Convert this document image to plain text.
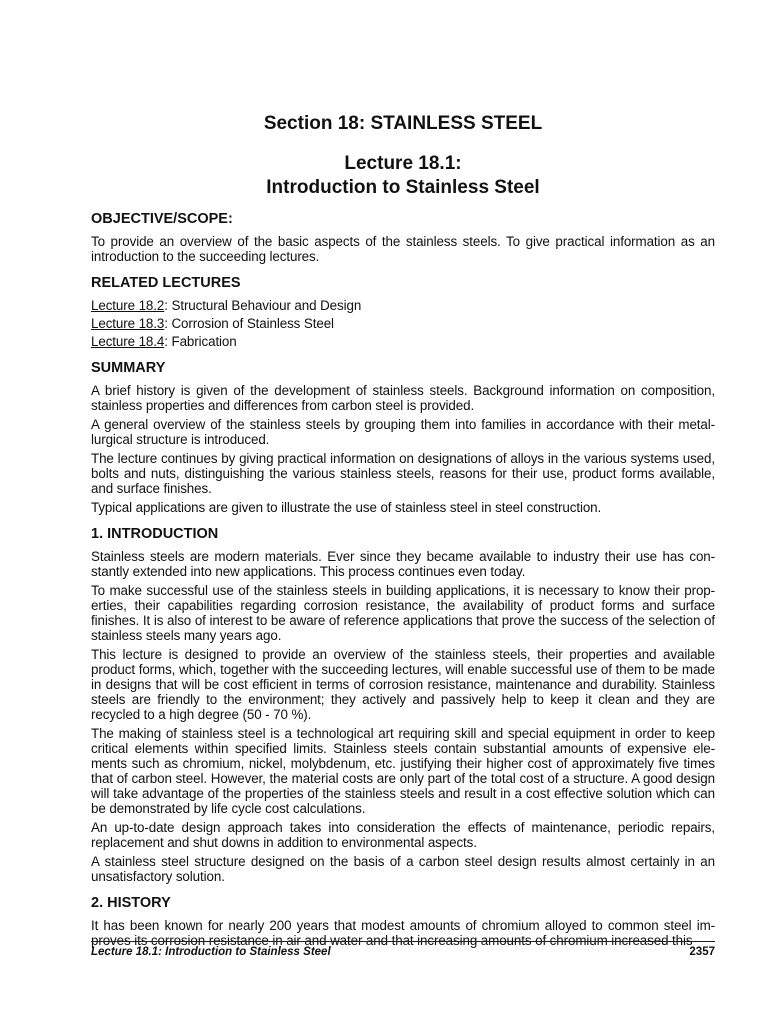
Section 18: STAINLESS STEEL
Lecture 18.1:
Introduction to Stainless Steel
OBJECTIVE/SCOPE:

To provide an overview of the basic aspects of the stainless steels. To give practical information as an introduction to the succeeding lectures.

RELATED LECTURES

Lecture 18.2: Structural Behaviour and Design

Lecture 18.3: Corrosion of Stainless Steel

Lecture 18.4: Fabrication

SUMMARY

A brief history is given of the development of stainless steels. Background information on composition, stainless properties and differences from carbon steel is provided.

A general overview of the stainless steels by grouping them into families in accordance with their metal-lurgical structure is introduced.

The lecture continues by giving practical information on designations of alloys in the various systems used, bolts and nuts, distinguishing the various stainless steels, reasons for their use, product forms available, and surface finishes.

Typical applications are given to illustrate the use of stainless steel in steel construction.

1. INTRODUCTION

Stainless steels are modern materials. Ever since they became available to industry their use has con-stantly extended into new applications. This process continues even today.

To make successful use of the stainless steels in building applications, it is necessary to know their prop-erties, their capabilities regarding corrosion resistance, the availability of product forms and surface finishes. It is also of interest to be aware of reference applications that prove the success of the selection of stainless steels many years ago.

This lecture is designed to provide an overview of the stainless steels, their properties and available product forms, which, together with the succeeding lectures, will enable successful use of them to be made in designs that will be cost efficient in terms of corrosion resistance, maintenance and durability. Stainless steels are friendly to the environment; they actively and passively help to keep it clean and they are recycled to a high degree (50 - 70 %).

The making of stainless steel is a technological art requiring skill and special equipment in order to keep critical elements within specified limits. Stainless steels contain substantial amounts of expensive ele-ments such as chromium, nickel, molybdenum, etc. justifying their higher cost of approximately five times that of carbon steel. However, the material costs are only part of the total cost of a structure. A good design will take advantage of the properties of the stainless steels and result in a cost effective solution which can be demonstrated by life cycle cost calculations.

An up-to-date design approach takes into consideration the effects of maintenance, periodic repairs, replacement and shut downs in addition to environmental aspects.

A stainless steel structure designed on the basis of a carbon steel design results almost certainly in an unsatisfactory solution.

2. HISTORY

It has been known for nearly 200 years that modest amounts of chromium alloyed to common steel im-proves its corrosion resistance in air and water and that increasing amounts of chromium increased this

Lecture 18.1: Introduction to Stainless Steel	2357
